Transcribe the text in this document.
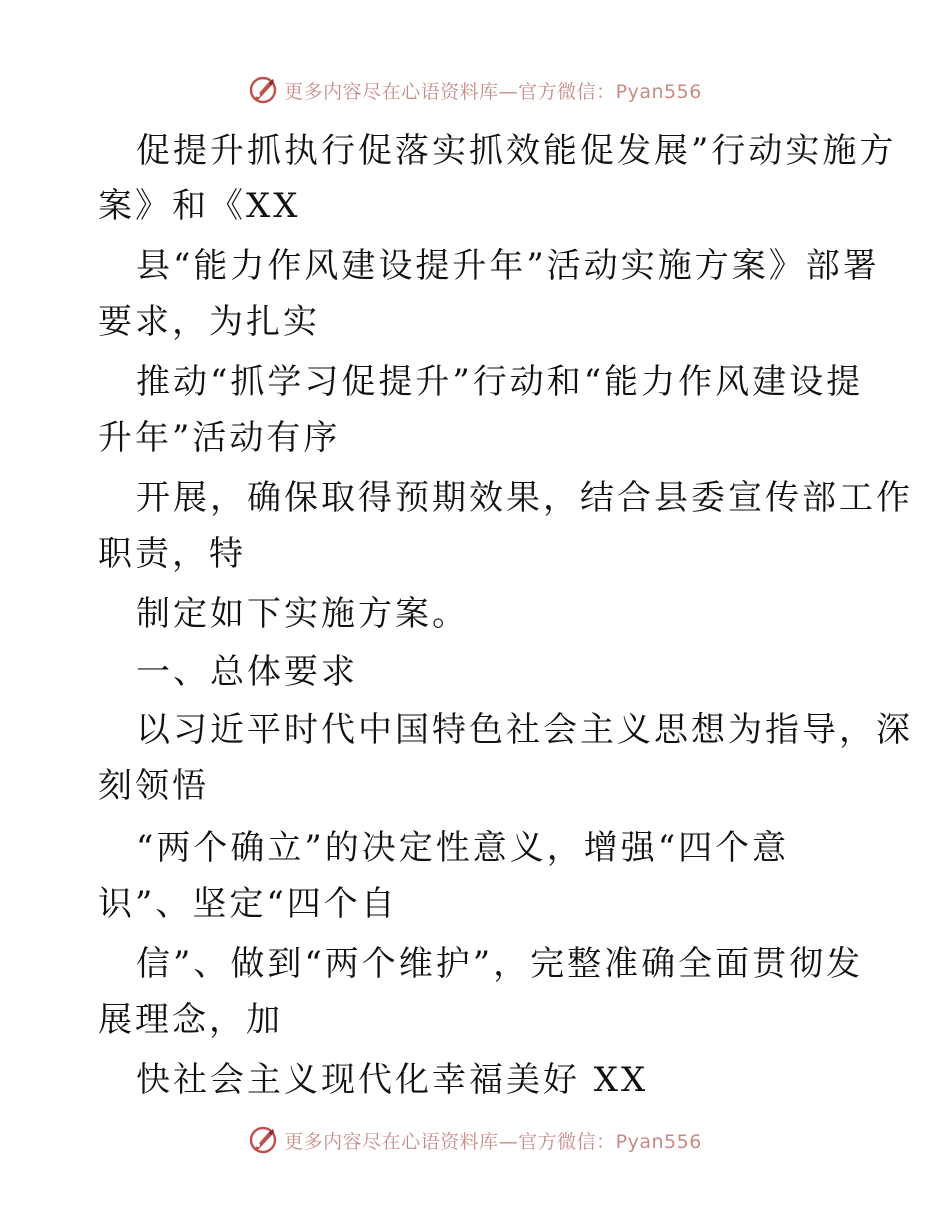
更多内容尽在心语资料库—官方微信：Pyan556
促提升抓执行促落实抓效能促发展”行动实施方
案》和《XX
县“能力作风建设提升年”活动实施方案》部署
要求，为扎实
推动“抓学习促提升”行动和“能力作风建设提
升年”活动有序
开展，确保取得预期效果，结合县委宣传部工作
职责，特
制定如下实施方案。
一、总体要求
以习近平时代中国特色社会主义思想为指导，深
刻领悟
“两个确立”的决定性意义，增强“四个意
识”、坚定“四个自
信”、做到“两个维护”，完整准确全面贯彻发
展理念，加
快社会主义现代化幸福美好 XX
更多内容尽在心语资料库—官方微信：Pyan556
